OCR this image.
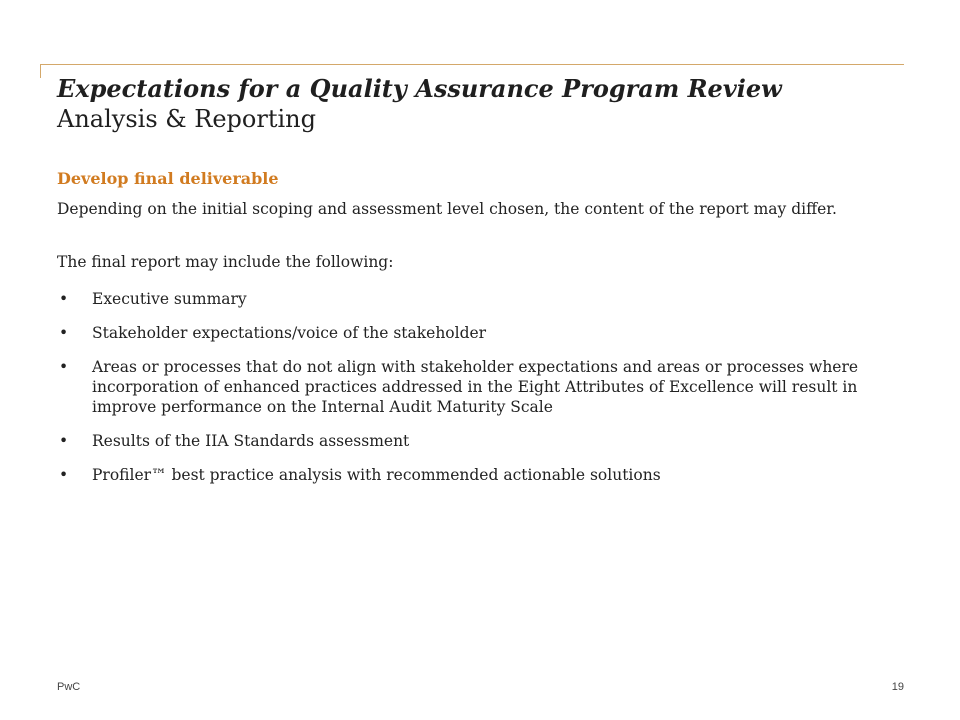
Expectations for a Quality Assurance Program Review
Analysis & Reporting
Develop final deliverable

Depending on the initial scoping and assessment level chosen, the content of the report may differ.

The final report may include the following:

• Executive summary
• Stakeholder expectations/voice of the stakeholder
• Areas or processes that do not align with stakeholder expectations and areas or processes where incorporation of enhanced practices addressed in the Eight Attributes of Excellence will result in improve performance on the Internal Audit Maturity Scale
• Results of the IIA Standards assessment
• Profiler™ best practice analysis with recommended actionable solutions
PwC	19
